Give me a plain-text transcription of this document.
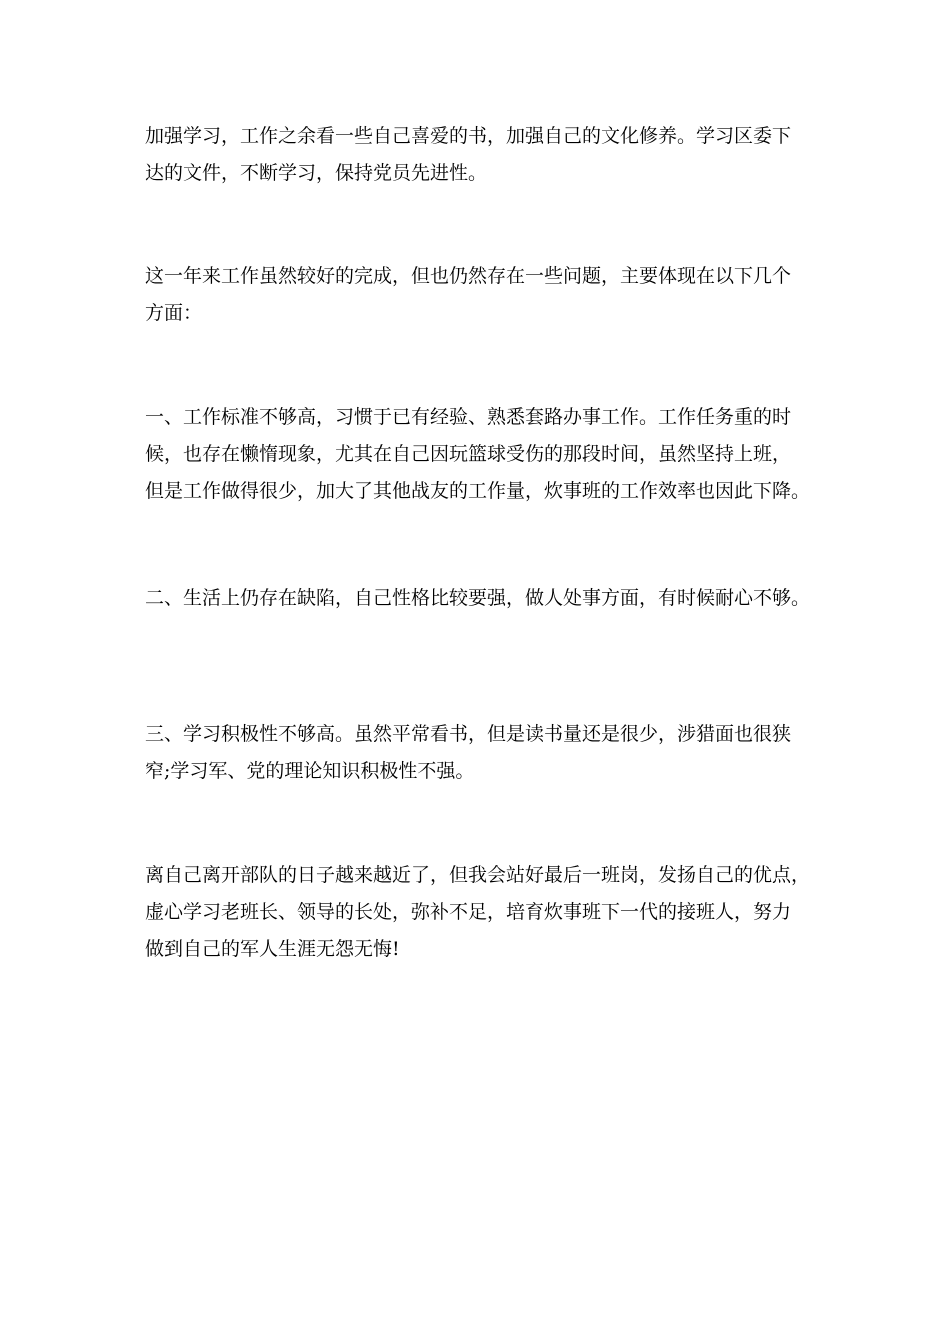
加强学习，工作之余看一些自己喜爱的书，加强自己的文化修养。学习区委下
达的文件，不断学习，保持党员先进性。
这一年来工作虽然较好的完成，但也仍然存在一些问题，主要体现在以下几个
方面：
一、工作标准不够高，习惯于已有经验、熟悉套路办事工作。工作任务重的时
候，也存在懒惰现象，尤其在自己因玩篮球受伤的那段时间，虽然坚持上班，
但是工作做得很少，加大了其他战友的工作量，炊事班的工作效率也因此下降。
二、生活上仍存在缺陷，自己性格比较要强，做人处事方面，有时候耐心不够。
三、学习积极性不够高。虽然平常看书，但是读书量还是很少，涉猎面也很狭
窄;学习军、党的理论知识积极性不强。
离自己离开部队的日子越来越近了，但我会站好最后一班岗，发扬自己的优点，
虚心学习老班长、领导的长处，弥补不足，培育炊事班下一代的接班人，努力
做到自己的军人生涯无怨无悔!
